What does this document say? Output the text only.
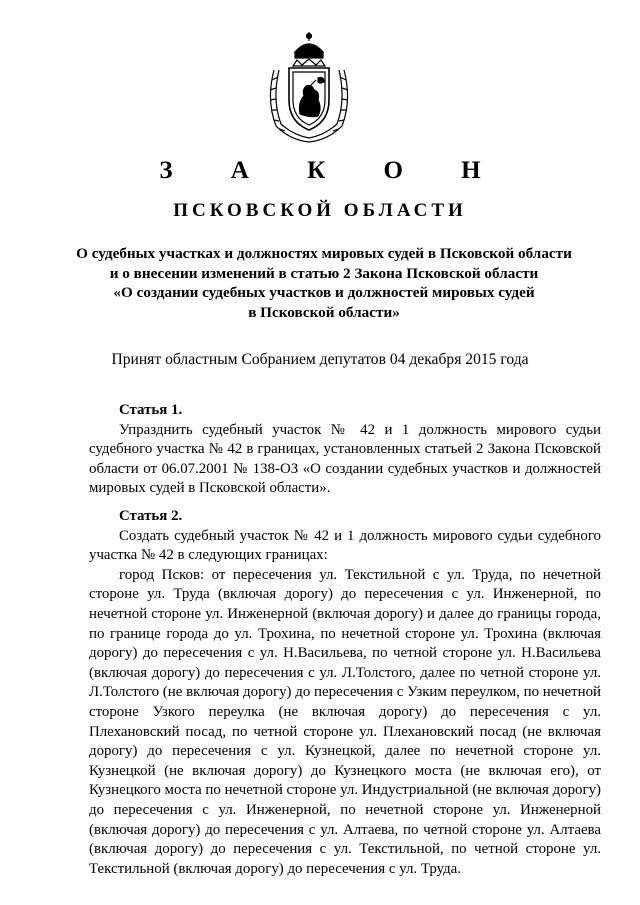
З А К О Н
ПСКОВСКОЙ ОБЛАСТИ
О судебных участках и должностях мировых судей в Псковской области
и о внесении изменений в статью 2 Закона Псковской области
«О создании судебных участков и должностей мировых судей
в Псковской области»
Принят областным Собранием депутатов 04 декабря 2015 года
Статья 1.

Упразднить судебный участок № 42 и 1 должность мирового судьи судебного участка № 42 в границах, установленных статьей 2 Закона Псковской области от 06.07.2001 № 138-ОЗ «О создании судебных участков и должностей мировых судей в Псковской области».

Статья 2.

Создать судебный участок № 42 и 1 должность мирового судьи судебного участка № 42 в следующих границах:

город Псков: от пересечения ул. Текстильной с ул. Труда, по нечетной стороне ул. Труда (включая дорогу) до пересечения с ул. Инженерной, по нечетной стороне ул. Инженерной (включая дорогу) и далее до границы города, по границе города до ул. Трохина, по нечетной стороне ул. Трохина (включая дорогу) до пересечения с ул. Н.Васильева, по четной стороне ул. Н.Васильева (включая дорогу) до пересечения с ул. Л.Толстого, далее по четной стороне ул. Л.Толстого (не включая дорогу) до пересечения с Узким переулком, по нечетной стороне Узкого переулка (не включая дорогу) до пересечения с ул. Плехановский посад, по четной стороне ул. Плехановский посад (не включая дорогу) до пересечения с ул. Кузнецкой, далее по нечетной стороне ул. Кузнецкой (не включая дорогу) до Кузнецкого моста (не включая его), от Кузнецкого моста по нечетной стороне ул. Индустриальной (не включая дорогу) до пересечения с ул. Инженерной, по нечетной стороне ул. Инженерной (включая дорогу) до пересечения с ул. Алтаева, по четной стороне ул. Алтаева (включая дорогу) до пересечения с ул. Текстильной, по четной стороне ул. Текстильной (включая дорогу) до пересечения с ул. Труда.
